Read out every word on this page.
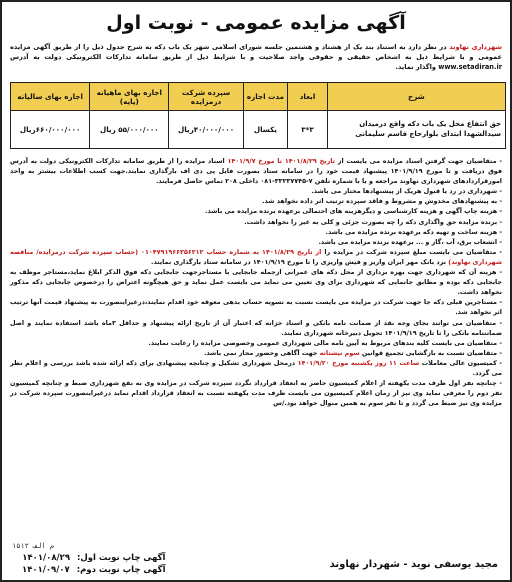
آگهی مزایده عمومی - نوبت اول
شهرداری نهاوند در نظر دارد به استناد بند یک از هشتاد و هشتمین جلسه شورای اسلامی شهر یک باب دکه به شرح جدول ذیل را از طریق آگهی مزایده عمومی و با شرایط ذیل به اشخاص حقیقی و حقوقی واجد صلاحیت و با شرایط ذیل از طریق سامانه تدارکات الکترونیکی دولت به آدرس www.setadiran.ir واگذار نماید.
شرح	ابعاد	مدت اجاره	سپرده شرکت درمزایده	اجاره بهای ماهیانه (پایه)	اجاره بهای سالیانه
حق انتفاع محل یک باب دکه واقع درمیدان سیدالشهدا ابتدای بلوارحاج قاسم سلیمانی	۳*۳	یکسال	۴۰/۰۰۰/۰۰۰ریال	۵۵/۰۰۰/۰۰۰ ریال	۶۶۰/۰۰۰/۰۰۰ریال

- متقاضیان جهت گرفتن اسناد مزایده می بایست از تاریخ ۱۴۰۱/۸/۲۹ تا مورخ ۱۴۰۱/۹/۷ اسناد مزایده را از طریق سامانه تدارکات الکترونیکی دولت به آدرس فوق دریافت و تا مورخ ۱۴۰۱/۹/۱۹ پیشنهاد قیمت خود را در سامانه ستاد بصورت فایل پی دی اف بارگذاری نمایند.جهت کسب اطلاعات بیشتر به واحد امورقراردادهای شهرداری نهاوند مراجعه و یا با شماره تلفن ۷-۳۳۲۳۷۷۴۵-۰۸۱ داخلی ۲۰۸ تماس حاصل فرمایند.

- شهرداری در رد یا قبول هریک از پیشنهادها مختار می باشد.

- به پیشنهادهای مخدوش و مشروط و فاقد سپرده ترتیب اثر داده نخواهد شد.

- هزینه چاپ آگهی و هزینه کارشناسی و دیگرهزینه های احتمالی برعهده برنده مزایده می باشد.

- برنده مزایده حق واگذاری دکه را چه بصورت جزئی و کلی به غیر را نخواهد داشت.

- هزینه ساخت و تهیه دکه برعهده برنده مزایده می باشد.

- انشعاب برق، آب ،گاز و ... برعهده برنده مزایده می باشد.

- متقاضیان می بایست مبلغ سپرده شرکت در مزایده را از تاریخ ۱۴۰۱/۸/۲۹ به شماره حساب ۰۱۰۴۷۹۱۹۶۶۳۵۶۲۱۲ (حساب سپرده شرکت درمزایده/ مناقصه شهرداری نهاوند) نزد بانک مهر ایران واریز و فیش واریزی را تا مورخ ۱۴۰۱/۹/۱۹ در سامانه ستاد بارگذاری نمایند.

- هزینه آن که شهرداری جهت بهره برداری از محل دکه های عمرانی ازجمله جابجایی یا مستاجرجهت جابجایی دکه فوق الذکر ابلاغ نماید،مستاجر موظف به جابجایی دکه بوده و مطابق جانمایی که شهرداری برای وی تعیین می نماید می بایست عمل نماید و حق هیچگونه اعتراض را درخصوص جابجایی دکه مذکور نخواهد داشت.

- مستاجرین قبلی دکه جا جهت شرکت در مزایده می بایست نسبت به تسویه حساب بدهی معوقه خود اقدام نمایند،درغیراینصورت به پیشنهاد قیمت آنها ترتیب اثر نخواهد شد.

- متقاضیان می توانند بجای وجه نقد از ضمانت نامه بانکی و اسناد خزانه که اعتبار آن از تاریخ ارائه پیشنهاد و حداقل ۳ماه باشد استفاده نمایند و اصل ضمانتنامه بانکی را تا تاریخ ۱۴۰۱/۹/۱۹ تحویل دبیرخانه شهرداری نمایند.

- متقاضیان می بایست کلیه بندهای مربوط به آیین نامه مالی شهرداری عمومی وخصوصی مزایده را رعایت نمایند.

- متقاضیان نسبت به بازگشایی تجمیع قوانین سوم نیشتانه جهت آگاهی وحضور مجاز نمی باشد.

- کمیسیون عالی معاملات ساعت ۱۱ روز یکشنبه مورخ ۱۴۰۱/۹/۲۰ درمحل شهرداری تشکیل و چنانچه پیشنهادی برای دکه ارائه شده باشد بررسی و اعلام نظر می گردد.

- چنانچه نفر اول ظرف مدت یکهفته از اعلام کمیسیون حاضر به انعقاد قرارداد نگردد سپرده شرکت در مزایده وی به نفع شهرداری ضبط و چنانچه کمیسیون نفر دوم را معرفی نماید وی نیز از زمان اعلام کمیسیون می بایست ظرف مدت یکهفته نسبت به انعقاد قرارداد اقدام نماید درغیراینصورت سپرده شرکت در مزایده وی نیز ضبط می گردد و تا نفر سوم به همین منوال خواهد بود./س

۱۵۱۲ م الف
مجید یوسفی نوید - شهردار نهاوند
آگهی چاپ نوبت اول: ۱۴۰۱/۰۸/۲۹
آگهی چاپ نوبت دوم: ۱۴۰۱/۰۹/۰۷
